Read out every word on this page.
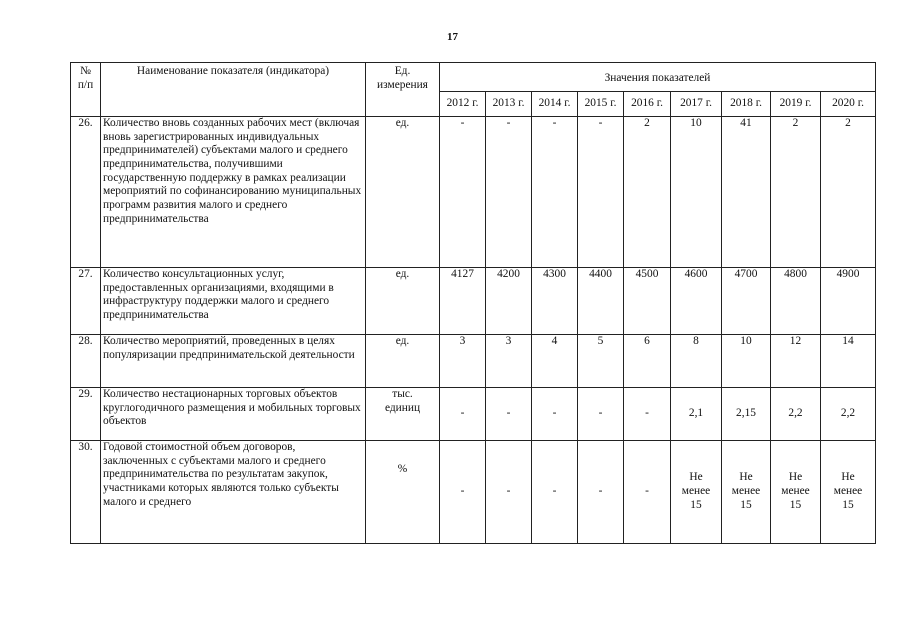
17
№
п/п	Наименование показателя (индикатора)	Ед.
измерения	Значения показателей								
			2012 г.	2013 г.	2014 г.	2015 г.	2016 г.	2017 г.	2018 г.	2019 г.	2020 г.
26.	Количество вновь созданных рабочих мест (включая вновь зарегистрированных индивидуальных предпринимателей) субъектами малого и среднего предпринимательства, получившими государственную поддержку в рамках реализации мероприятий по софинансированию муниципальных программ развития малого и среднего предпринимательства	ед.	-	-	-	-	2	10	41	2	2
27.	Количество консультационных услуг, предоставленных организациями, входящими в инфраструктуру поддержки малого и среднего предпринимательства	ед.	4127	4200	4300	4400	4500	4600	4700	4800	4900
28.	Количество мероприятий, проведенных в целях популяризации предпринимательской деятельности	ед.	3	3	4	5	6	8	10	12	14
29.	Количество нестационарных торговых объектов круглогодичного размещения и мобильных торговых объектов	тыс.
единиц	-	-	-	-	-	2,1	2,15	2,2	2,2
30.	Годовой стоимостной объем договоров, заключенных с субъектами малого и среднего предпринимательства по результатам закупок, участниками которых являются только субъекты малого и среднего	%	-	-	-	-	-	Не
менее
15	Не
менее
15	Не
менее
15	Не
менее
15
